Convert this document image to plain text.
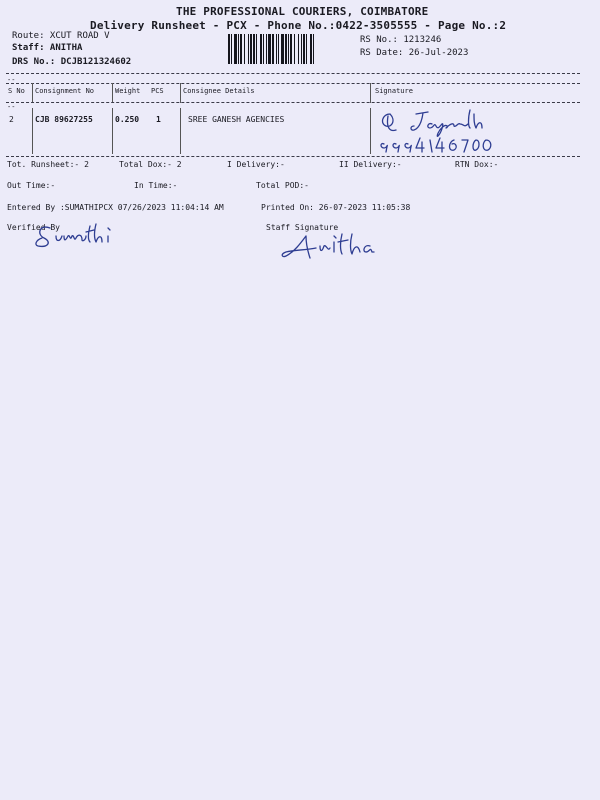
THE PROFESSIONAL COURIERS, COIMBATORE
Delivery Runsheet - PCX - Phone No.:0422-3505555 - Page No.:2
Route: XCUT ROAD V
Staff: ANITHA
DRS No.: DCJB121324602
RS No.: 1213246
RS Date: 26-Jul-2023
--
S No Consignment No	Weight PCS	Consignee Details	Signature
--
2	CJB 89627255	0.250 1	SREE GANESH AGENCIES
Tot. Runsheet:- 2	Total Dox:- 2	I Delivery:-	II Delivery:-	RTN Dox:-
Out Time:-	In Time:-	Total POD:-
Entered By :SUMATHIPCX 07/26/2023 11:04:14 AM	Printed On: 26-07-2023 11:05:38
Verified By	Staff Signature
